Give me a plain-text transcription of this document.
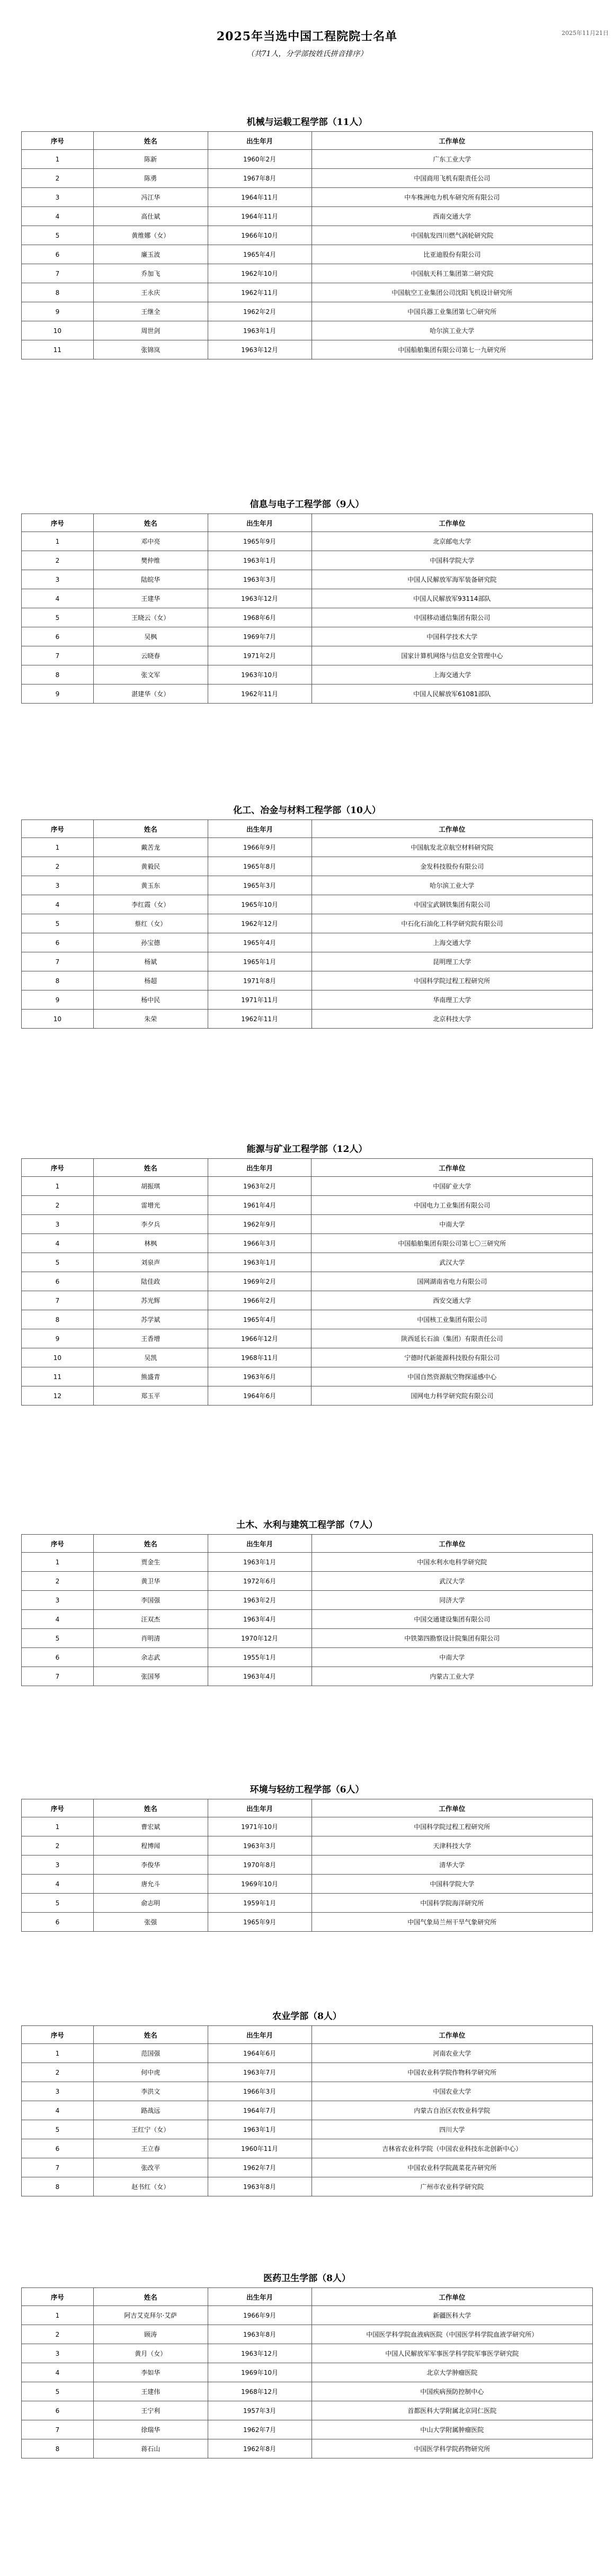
2025年11月21日
2025年当选中国工程院院士名单
（共71人，分学部按姓氏拼音排序）
机械与运载工程学部（11人）
序号	姓名	出生年月	工作单位
1	陈新	1960年2月	广东工业大学
2	陈勇	1967年8月	中国商用飞机有限责任公司
3	冯江华	1964年11月	中车株洲电力机车研究所有限公司
4	高仕斌	1964年11月	西南交通大学
5	黄维娜（女）	1966年10月	中国航发四川燃气涡轮研究院
6	廉玉波	1965年4月	比亚迪股份有限公司
7	乔加飞	1962年10月	中国航天科工集团第二研究院
8	王永庆	1962年11月	中国航空工业集团公司沈阳飞机设计研究所
9	王继全	1962年2月	中国兵器工业集团第七〇研究所
10	周世剑	1963年1月	哈尔滨工业大学
11	张锦岚	1963年12月	中国船舶集团有限公司第七一九研究所
信息与电子工程学部（9人）
序号	姓名	出生年月	工作单位
1	邓中亮	1965年9月	北京邮电大学
2	樊仲维	1963年1月	中国科学院大学
3	陆皖华	1963年3月	中国人民解放军海军装备研究院
4	王建华	1963年12月	中国人民解放军93114部队
5	王晓云（女）	1968年6月	中国移动通信集团有限公司
6	吴枫	1969年7月	中国科学技术大学
7	云晓春	1971年2月	国家计算机网络与信息安全管理中心
8	张文军	1963年10月	上海交通大学
9	湛建华（女）	1962年11月	中国人民解放军61081部队
化工、冶金与材料工程学部（10人）
序号	姓名	出生年月	工作单位
1	戴苦龙	1966年9月	中国航发北京航空材料研究院
2	黄毅民	1965年8月	金发科技股份有限公司
3	黄玉东	1965年3月	哈尔滨工业大学
4	李红霞（女）	1965年10月	中国宝武钢铁集团有限公司
5	蔡红（女）	1962年12月	中石化石油化工科学研究院有限公司
6	孙宝德	1965年4月	上海交通大学
7	杨斌	1965年1月	昆明理工大学
8	杨超	1971年8月	中国科学院过程工程研究所
9	杨中民	1971年11月	华南理工大学
10	朱荣	1962年11月	北京科技大学
能源与矿业工程学部（12人）
序号	姓名	出生年月	工作单位
1	胡振琪	1963年2月	中国矿业大学
2	雷增光	1961年4月	中国电力工业集团有限公司
3	李夕兵	1962年9月	中南大学
4	林枫	1966年3月	中国船舶集团有限公司第七〇三研究所
5	刘泉声	1963年1月	武汉大学
6	陆佳政	1969年2月	国网湖南省电力有限公司
7	苏光辉	1966年2月	西安交通大学
8	苏学斌	1965年4月	中国核工业集团有限公司
9	王香增	1966年12月	陕西延长石油（集团）有限责任公司
10	吴凯	1968年11月	宁德时代新能源科技股份有限公司
11	熊盛青	1963年6月	中国自然资源航空物探遥感中心
12	郑玉平	1964年6月	国网电力科学研究院有限公司
土木、水利与建筑工程学部（7人）
序号	姓名	出生年月	工作单位
1	贾金生	1963年1月	中国水利水电科学研究院
2	黄卫华	1972年6月	武汉大学
3	李国强	1963年2月	同济大学
4	汪双杰	1963年4月	中国交通建设集团有限公司
5	肖明清	1970年12月	中铁第四勘察设计院集团有限公司
6	余志武	1955年1月	中南大学
7	张国琴	1963年4月	内蒙古工业大学
环境与轻纺工程学部（6人）
序号	姓名	出生年月	工作单位
1	曹宏斌	1971年10月	中国科学院过程工程研究所
2	程博闻	1963年3月	天津科技大学
3	李俊华	1970年8月	清华大学
4	唐允斗	1969年10月	中国科学院大学
5	俞志明	1959年1月	中国科学院海洋研究所
6	张强	1965年9月	中国气象局兰州干旱气象研究所
农业学部（8人）
序号	姓名	出生年月	工作单位
1	范国强	1964年6月	河南农业大学
2	何中虎	1963年7月	中国农业科学院作物科学研究所
3	李洪文	1966年3月	中国农业大学
4	路战远	1964年7月	内蒙古自治区农牧业科学院
5	王红宁（女）	1963年1月	四川大学
6	王立春	1960年11月	吉林省农业科学院（中国农业科技东北创新中心）
7	张改平	1962年7月	中国农业科学院蔬菜花卉研究所
8	赵书红（女）	1963年8月	广州市农业科学研究院
医药卫生学部（8人）
序号	姓名	出生年月	工作单位
1	阿吉艾克拜尔·艾萨	1966年9月	新疆医科大学
2	顾涛	1963年8月	中国医学科学院血液病医院（中国医学科学院血液学研究所）
3	黄月（女）	1963年12月	中国人民解放军军事医学科学院军事医学研究院
4	李如华	1969年10月	北京大学肿瘤医院
5	王建伟	1968年12月	中国疾病预防控制中心
6	王宁利	1957年3月	首都医科大学附属北京同仁医院
7	徐瑞华	1962年7月	中山大学附属肿瘤医院
8	蒋石山	1962年8月	中国医学科学院药物研究所
